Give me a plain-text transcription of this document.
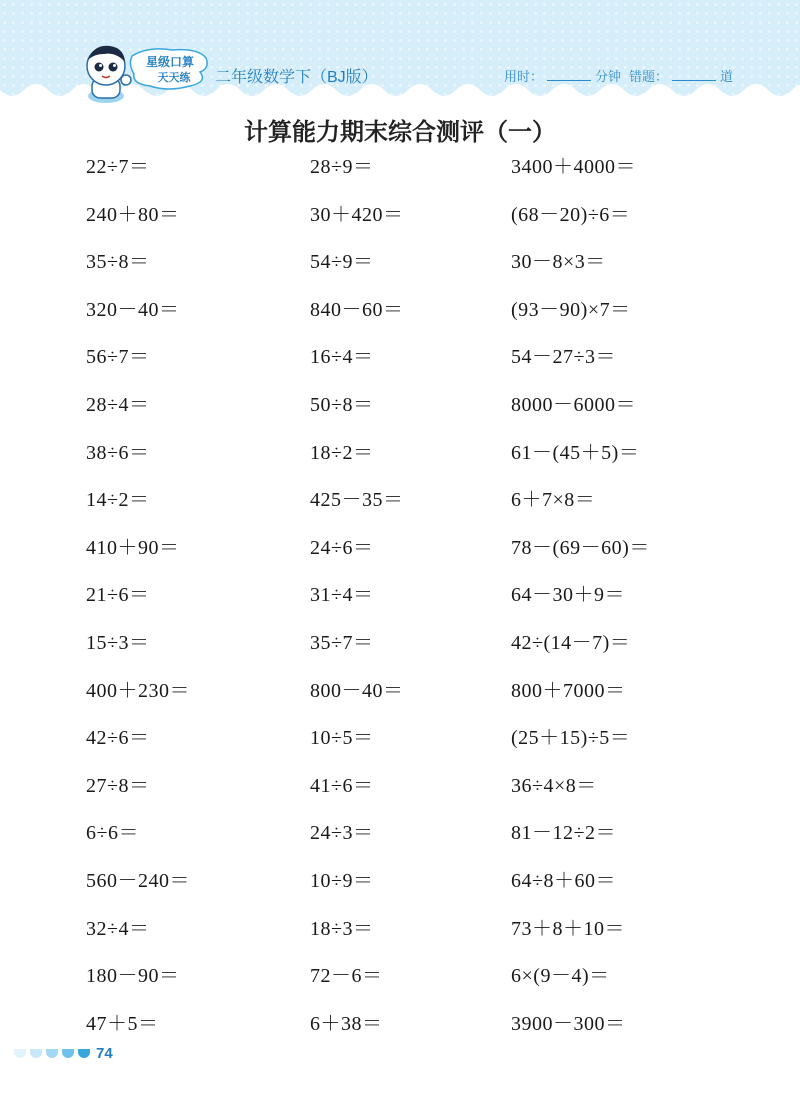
星级口算
天天练 二年级数学下（BJ版）	用时：	分钟 错题：	道
计算能力期末综合测评（一）
22÷7＝	28÷9＝	3400＋4000＝
240＋80＝	30＋420＝	(68－20)÷6＝
35÷8＝	54÷9＝	30－8×3＝
320－40＝	840－60＝	(93－90)×7＝
56÷7＝	16÷4＝	54－27÷3＝
28÷4＝	50÷8＝	8000－6000＝
38÷6＝	18÷2＝	61－(45＋5)＝
14÷2＝	425－35＝	6＋7×8＝
410＋90＝	24÷6＝	78－(69－60)＝
21÷6＝	31÷4＝	64－30＋9＝
15÷3＝	35÷7＝	42÷(14－7)＝
400＋230＝	800－40＝	800＋7000＝
42÷6＝	10÷5＝	(25＋15)÷5＝
27÷8＝	41÷6＝	36÷4×8＝
6÷6＝	24÷3＝	81－12÷2＝
560－240＝	10÷9＝	64÷8＋60＝
32÷4＝	18÷3＝	73＋8＋10＝
180－90＝	72－6＝	6×(9－4)＝
47＋5＝	6＋38＝	3900－300＝
74
